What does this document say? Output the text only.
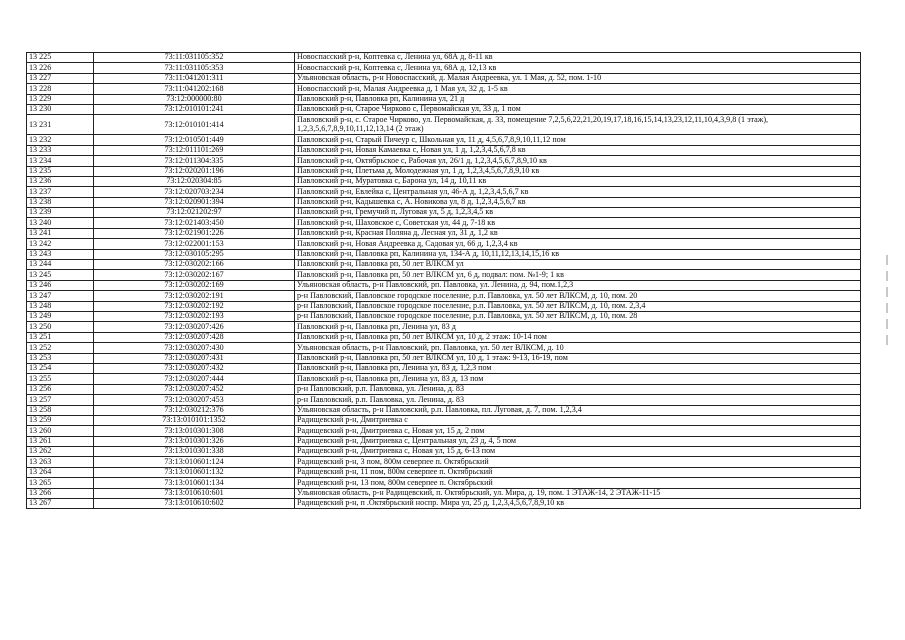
13 225	73:11:031105:352	Новоспасский р-н, Коптевка с, Ленина ул, 68А д, 8-11 кв
13 226	73:11:031105:353	Новоспасский р-н, Коптевка с, Ленина ул, 68А д, 12,13 кв
13 227	73:11:041201:311	Ульяновская область, р-н Новоспасский, д. Малая Андреевка, ул. 1 Мая, д. 52, пом. 1-10
13 228	73:11:041202:168	Новоспасский р-н, Малая Андреевка д, 1 Мая ул, 32 д, 1-5 кв
13 229	73:12:000000:80	Павловский р-н, Павловка рп, Калинина ул, 21 д
13 230	73:12:010101:241	Павловский р-н, Старое Чирково с, Первомайская ул, 33 д, 1 пом
13 231	73:12:010101:414	Павловский р-н, с. Старое Чирково, ул. Первомайская, д. 33, помещение 7,2,5,6,22,21,20,19,17,18,16,15,14,13,23,12,11,10,4,3,9,8 (1 этаж), 1,2,3,5,6,7,8,9,10,11,12,13,14 (2 этаж)
13 232	73:12:010501:449	Павловский р-н, Старый Пичеур с, Школьная ул, 11 д, 4,5,6,7,8,9,10,11,12 пом
13 233	73:12:011101:269	Павловский р-н, Новая Камаевка с, Новая ул, 1 д, 1,2,3,4,5,6,7,8 кв
13 234	73:12:011304:335	Павловский р-н, Октябрьское с, Рабочая ул, 26/1 д, 1,2,3,4,5,6,7,8,9,10 кв
13 235	73:12:020201:196	Павловский р-н, Плетьма д, Молодежная ул, 1 д, 1,2,3,4,5,6,7,8,9,10 кв
13 236	73:12:020304:85	Павловский р-н, Муратовка с, Барона ул, 14 д, 10,11 кв
13 237	73:12:020703:234	Павловский р-н, Евлейка с, Центральная ул, 46-А д, 1,2,3,4,5,6,7 кв
13 238	73:12:020901:394	Павловский р-н, Кадышевка с, А. Новикова ул, 8 д, 1,2,3,4,5,6,7 кв
13 239	73:12:021202:97	Павловский р-н, Гремучий п, Луговая ул, 5 д, 1,2,3,4,5 кв
13 240	73:12:021403:450	Павловский р-н, Шаховское с, Советская ул, 44 д, 7-18 кв
13 241	73:12:021901:226	Павловский р-н, Красная Поляна д, Лесная ул, 31 д, 1,2 кв
13 242	73:12:022001:153	Павловский р-н, Новая Андреевка д, Садовая ул, 66 д, 1,2,3,4 кв
13 243	73:12:030105:295	Павловский р-н, Павловка рп, Калинина ул, 134-А д, 10,11,12,13,14,15,16 кв
13 244	73:12:030202:166	Павловский р-н, Павловка рп, 50 лет ВЛКСМ ул
13 245	73:12:030202:167	Павловский р-н, Павловка рп, 50 лет ВЛКСМ ул, 6 д, подвал: пом. №1-9; 1 кв
13 246	73:12:030202:169	Ульяновская область, р-н Павловский, рп. Павловка, ул. Ленина, д. 94, пом.1,2,3
13 247	73:12:030202:191	р-н Павловский, Павловское городское поселение, р.п. Павловка, ул. 50 лет ВЛКСМ, д. 10, пом. 20
13 248	73:12:030202:192	р-н Павловский, Павловское городское поселение, р.п. Павловка, ул. 50 лет ВЛКСМ, д. 10, пом. 2,3,4
13 249	73:12:030202:193	р-н Павловский, Павловское городское поселение, р.п. Павловка, ул. 50 лет ВЛКСМ, д. 10, пом. 28
13 250	73:12:030207:426	Павловский р-н, Павловка рп, Ленина ул, 83 д
13 251	73:12:030207:428	Павловский р-н, Павловка рп, 50 лет ВЛКСМ ул, 10 д, 2 этаж: 10-14 пом
13 252	73:12:030207:430	Ульяновская область, р-н Павловский, рп. Павловка, ул. 50 лет ВЛКСМ, д. 10
13 253	73:12:030207:431	Павловский р-н, Павловка рп, 50 лет ВЛКСМ ул, 10 д, 1 этаж: 9-13, 16-19, пом
13 254	73:12:030207:432	Павловский р-н, Павловка рп, Ленина ул, 83 д, 1,2,3 пом
13 255	73:12:030207:444	Павловский р-н, Павловка рп, Ленина ул, 83 д, 13 пом
13 256	73:12:030207:452	р-н Павловский, р.п. Павловка, ул. Ленина, д. 83
13 257	73:12:030207:453	р-н Павловский, р.п. Павловка, ул. Ленина, д. 83
13 258	73:12:030212:376	Ульяновская область, р-н Павловский, р.п. Павловка, пл. Луговая, д. 7, пом. 1,2,3,4
13 259	73:13:010101:1352	Радищевский р-н, Дмитриевка с
13 260	73:13:010301:308	Радищевский р-н, Дмитриевка с, Новая ул, 15 д, 2 пом
13 261	73:13:010301:326	Радищевский р-н, Дмитриевка с, Центральная ул, 23 д, 4, 5 пом
13 262	73:13:010301:338	Радищевский р-н, Дмитриевка с, Новая ул, 15 д, 6-13 пом
13 263	73:13:010601:124	Радищевский р-н, 3 пом, 800м северпее п. Октябрьский
13 264	73:13:010601:132	Радищевский р-н, 11 пом, 800м северпее п. Октябрьский
13 265	73:13:010601:134	Радищевский р-н, 13 пом, 800м северпее п. Октябрьский
13 266	73:13:010610:601	Ульяновская область, р-н Радищевский, п. Октябрьский, ул. Мира, д. 19, пом. 1 ЭТАЖ-14, 2 ЭТАЖ-11-15
13 267	73:13:010610:602	Радищевский р-н, п .Октябрьский носпр. Мира ул, 25 д, 1,2,3,4,5,6,7,8,9,10 кв
